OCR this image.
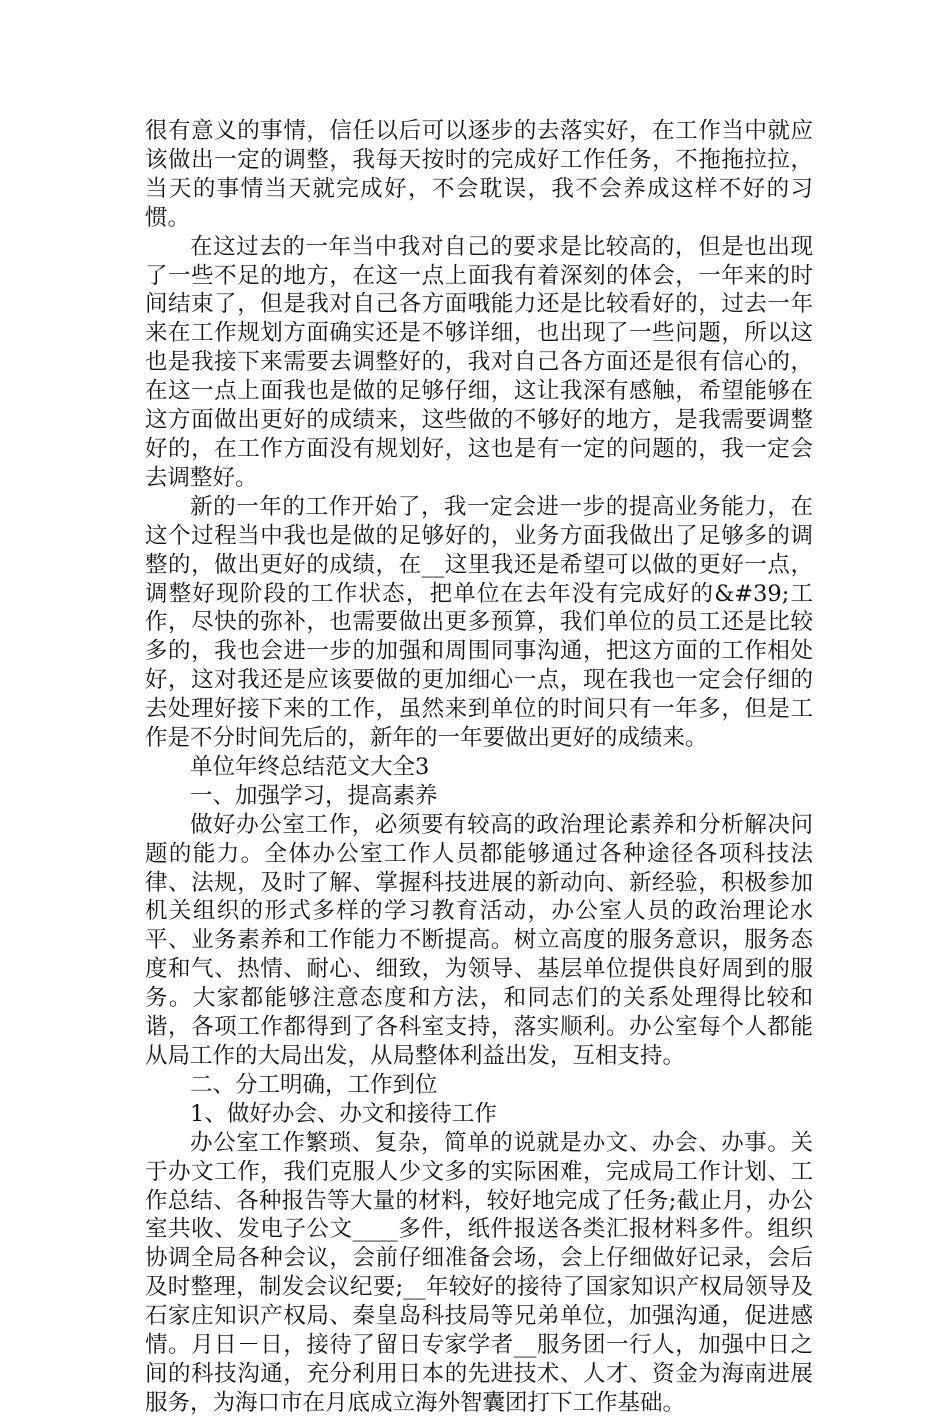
很有意义的事情，信任以后可以逐步的去落实好，在工作当中就应该做出一定的调整，我每天按时的完成好工作任务，不拖拖拉拉，当天的事情当天就完成好，不会耽误，我不会养成这样不好的习惯。

在这过去的一年当中我对自己的要求是比较高的，但是也出现了一些不足的地方，在这一点上面我有着深刻的体会，一年来的时间结束了，但是我对自己各方面哦能力还是比较看好的，过去一年来在工作规划方面确实还是不够详细，也出现了一些问题，所以这也是我接下来需要去调整好的，我对自己各方面还是很有信心的，在这一点上面我也是做的足够仔细，这让我深有感触，希望能够在这方面做出更好的成绩来，这些做的不够好的地方，是我需要调整好的，在工作方面没有规划好，这也是有一定的问题的，我一定会去调整好。

新的一年的工作开始了，我一定会进一步的提高业务能力，在这个过程当中我也是做的足够好的，业务方面我做出了足够多的调整的，做出更好的成绩，在__这里我还是希望可以做的更好一点，调整好现阶段的工作状态，把单位在去年没有完成好的&#39;工作，尽快的弥补，也需要做出更多预算，我们单位的员工还是比较多的，我也会进一步的加强和周围同事沟通，把这方面的工作相处好，这对我还是应该要做的更加细心一点，现在我也一定会仔细的去处理好接下来的工作，虽然来到单位的时间只有一年多，但是工作是不分时间先后的，新年的一年要做出更好的成绩来。

单位年终总结范文大全3

一、加强学习，提高素养

做好办公室工作，必须要有较高的政治理论素养和分析解决问题的能力。全体办公室工作人员都能够通过各种途径各项科技法律、法规，及时了解、掌握科技进展的新动向、新经验，积极参加机关组织的形式多样的学习教育活动，办公室人员的政治理论水平、业务素养和工作能力不断提高。树立高度的服务意识，服务态度和气、热情、耐心、细致，为领导、基层单位提供良好周到的服务。大家都能够注意态度和方法，和同志们的关系处理得比较和谐，各项工作都得到了各科室支持，落实顺利。办公室每个人都能从局工作的大局出发，从局整体利益出发，互相支持。

二、分工明确，工作到位

1、做好办会、办文和接待工作

办公室工作繁琐、复杂，简单的说就是办文、办会、办事。关于办文工作，我们克服人少文多的实际困难，完成局工作计划、工作总结、各种报告等大量的材料，较好地完成了任务;截止月，办公室共收、发电子公文____多件，纸件报送各类汇报材料多件。组织协调全局各种会议，会前仔细准备会场，会上仔细做好记录，会后及时整理，制发会议纪要;__年较好的接待了国家知识产权局领导及石家庄知识产权局、秦皇岛科技局等兄弟单位，加强沟通，促进感情。月日－日，接待了留日专家学者__服务团一行人，加强中日之间的科技沟通，充分利用日本的先进技术、人才、资金为海南进展服务，为海口市在月底成立海外智囊团打下工作基础。
